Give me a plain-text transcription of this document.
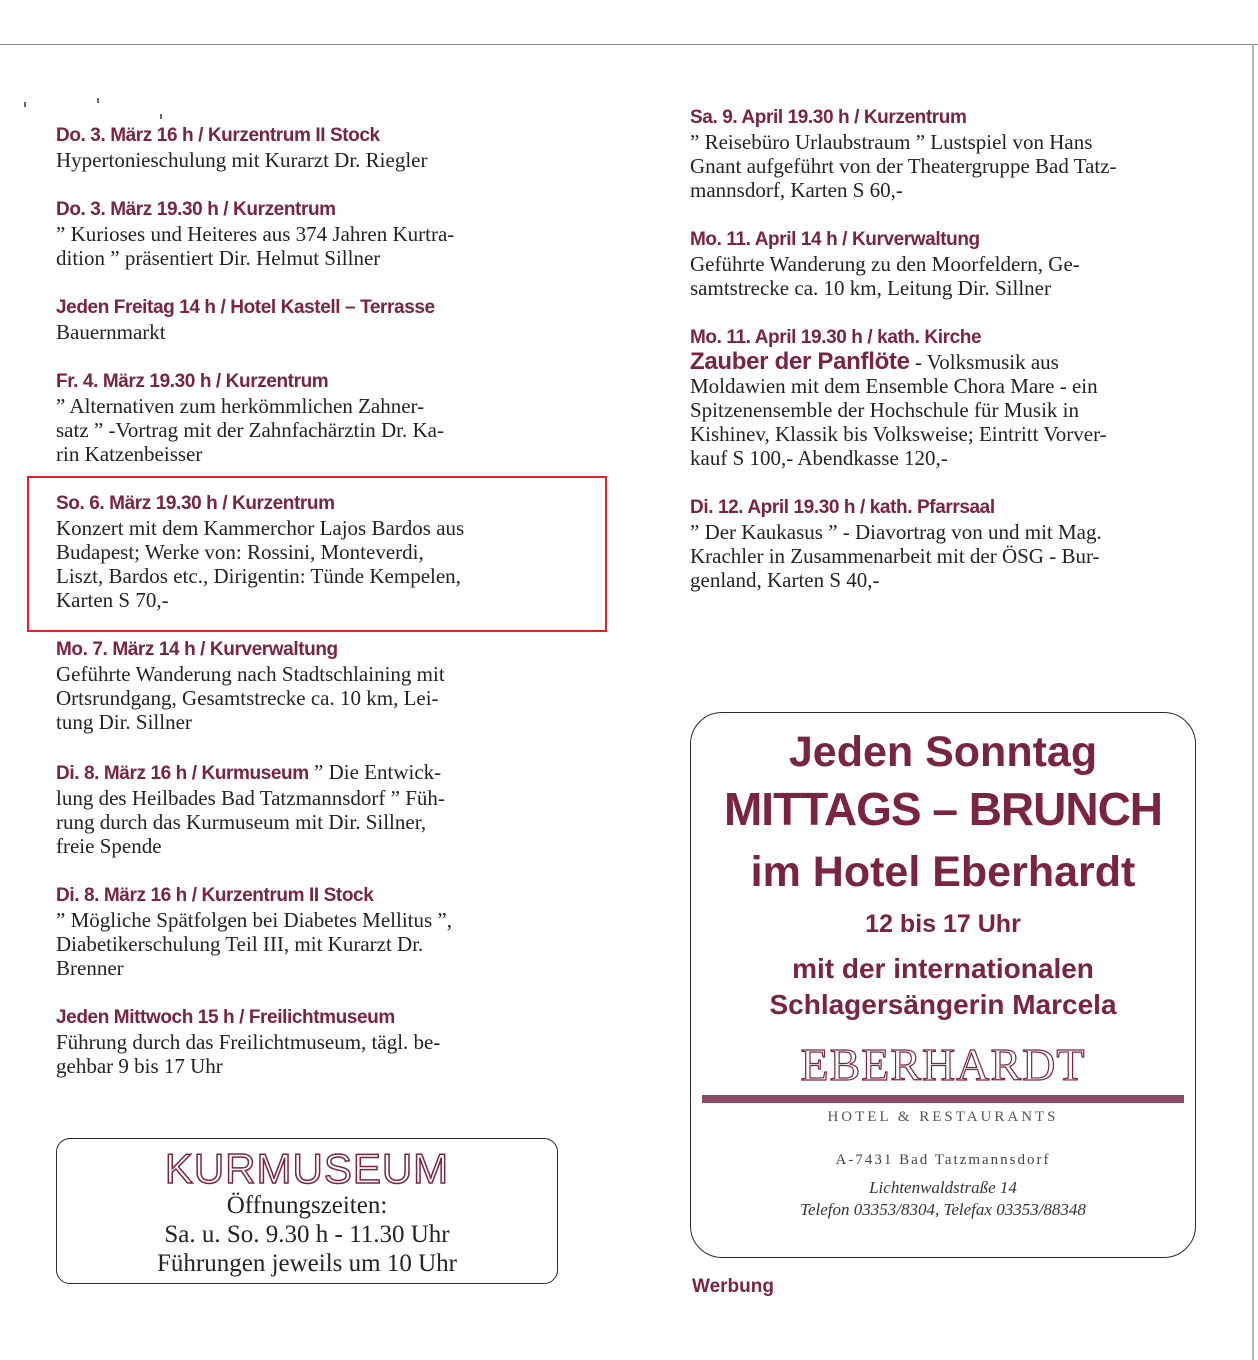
Do. 3. März 16 h / Kurzentrum II Stock
Hypertonieschulung mit Kurarzt Dr. Riegler
Do. 3. März 19.30 h / Kurzentrum
” Kurioses und Heiteres aus 374 Jahren Kurtra-
dition ” präsentiert Dir. Helmut Sillner
Jeden Freitag 14 h / Hotel Kastell – Terrasse
Bauernmarkt
Fr. 4. März 19.30 h / Kurzentrum
” Alternativen zum herkömmlichen Zahner-
satz ” -Vortrag mit der Zahnfachärztin Dr. Ka-
rin Katzenbeisser
So. 6. März 19.30 h / Kurzentrum
Konzert mit dem Kammerchor Lajos Bardos aus
Budapest; Werke von: Rossini, Monteverdi,
Liszt, Bardos etc., Dirigentin: Tünde Kempelen,
Karten S 70,-
Mo. 7. März 14 h / Kurverwaltung
Geführte Wanderung nach Stadtschlaining mit
Ortsrundgang, Gesamtstrecke ca. 10 km, Lei-
tung Dir. Sillner
Di. 8. März 16 h / Kurmuseum ” Die Entwick-
lung des Heilbades Bad Tatzmannsdorf ” Füh-
rung durch das Kurmuseum mit Dir. Sillner,
freie Spende
Di. 8. März 16 h / Kurzentrum II Stock
” Mögliche Spätfolgen bei Diabetes Mellitus ”,
Diabetikerschulung Teil III, mit Kurarzt Dr.
Brenner
Jeden Mittwoch 15 h / Freilichtmuseum
Führung durch das Freilichtmuseum, tägl. be-
gehbar 9 bis 17 Uhr
Sa. 9. April 19.30 h / Kurzentrum
” Reisebüro Urlaubstraum ” Lustspiel von Hans
Gnant aufgeführt von der Theatergruppe Bad Tatz-
mannsdorf, Karten S 60,-
Mo. 11. April 14 h / Kurverwaltung
Geführte Wanderung zu den Moorfeldern, Ge-
samtstrecke ca. 10 km, Leitung Dir. Sillner
Mo. 11. April 19.30 h / kath. Kirche
Zauber der Panflöte - Volksmusik aus
Moldawien mit dem Ensemble Chora Mare - ein
Spitzenensemble der Hochschule für Musik in
Kishinev, Klassik bis Volksweise; Eintritt Vorver-
kauf S 100,- Abendkasse 120,-
Di. 12. April 19.30 h / kath. Pfarrsaal
” Der Kaukasus ” - Diavortrag von und mit Mag.
Krachler in Zusammenarbeit mit der ÖSG - Bur-
genland, Karten S 40,-
KURMUSEUM
Öffnungszeiten:
Sa. u. So. 9.30 h - 11.30 Uhr
Führungen jeweils um 10 Uhr
Jeden Sonntag
MITTAGS – BRUNCH
im Hotel Eberhardt
12 bis 17 Uhr
mit der internationalen
Schlagersängerin Marcela
EBERHARDT
HOTEL & RESTAURANTS
A-7431 Bad Tatzmannsdorf
Lichtenwaldstraße 14
Telefon 03353/8304, Telefax 03353/88348
Werbung
